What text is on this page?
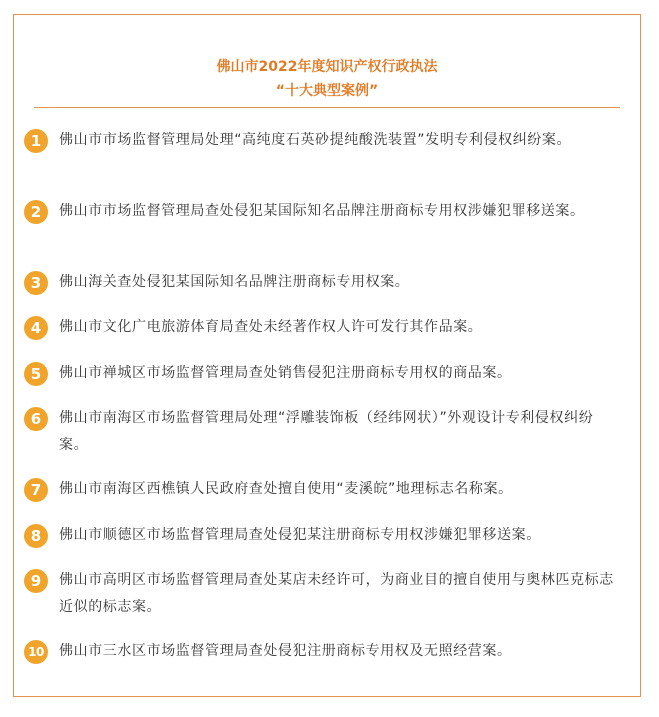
佛山市2022年度知识产权行政执法
“十大典型案例”
1	佛山市市场监督管理局处理“高纯度石英砂提纯酸洗装置”发明专利侵权纠纷案。
2	佛山市市场监督管理局查处侵犯某国际知名品牌注册商标专用权涉嫌犯罪移送案。
3	佛山海关查处侵犯某国际知名品牌注册商标专用权案。
4	佛山市文化广电旅游体育局查处未经著作权人许可发行其作品案。
5	佛山市禅城区市场监督管理局查处销售侵犯注册商标专用权的商品案。
6	佛山市南海区市场监督管理局处理“浮雕装饰板（经纬网状）”外观设计专利侵权纠纷案。
7	佛山市南海区西樵镇人民政府查处擅自使用“麦溪皖”地理标志名称案。
8	佛山市顺德区市场监督管理局查处侵犯某注册商标专用权涉嫌犯罪移送案。
9	佛山市高明区市场监督管理局查处某店未经许可，为商业目的擅自使用与奥林匹克标志近似的标志案。
10 佛山市三水区市场监督管理局查处侵犯注册商标专用权及无照经营案。
